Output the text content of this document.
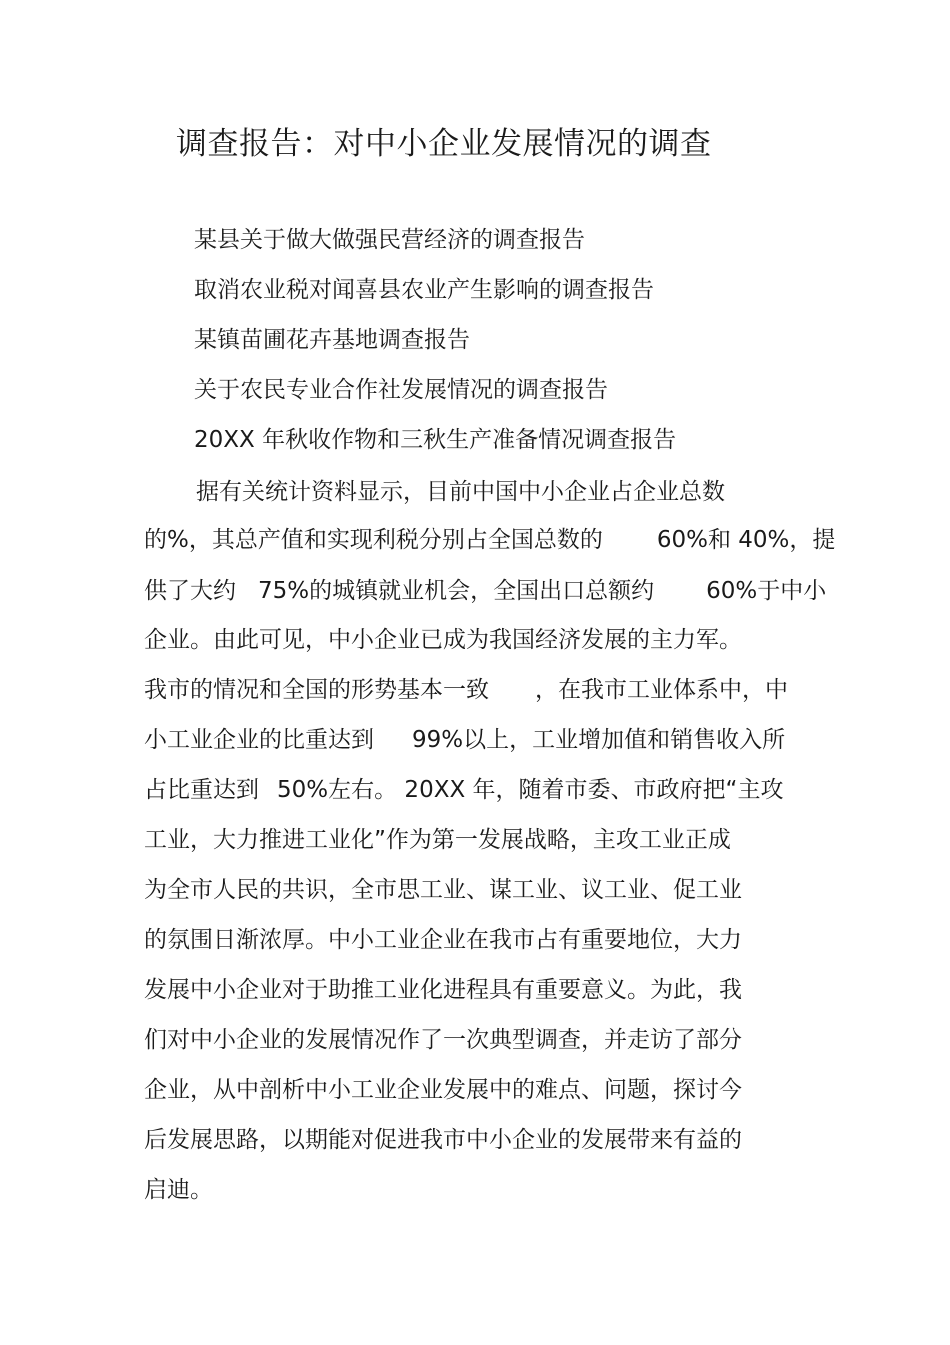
调查报告：对中小企业发展情况的调查
某县关于做大做强民营经济的调查报告
取消农业税对闻喜县农业产生影响的调查报告
某镇苗圃花卉基地调查报告
关于农民专业合作社发展情况的调查报告
20XX 年秋收作物和三秋生产准备情况调查报告
据有关统计资料显示，目前中国中小企业占企业总数
的%，其总产值和实现利税分别占全国总数的 60%和 40%，提
供了大约 75%的城镇就业机会，全国出口总额约 60%于中小
企业。由此可见，中小企业已成为我国经济发展的主力军。
我市的情况和全国的形势基本一致 ，在我市工业体系中，中
小工业企业的比重达到 99%以上，工业增加值和销售收入所
占比重达到 50%左右。 20XX 年，随着市委、市政府把“主攻
工业，大力推进工业化”作为第一发展战略，主攻工业正成
为全市人民的共识，全市思工业、谋工业、议工业、促工业
的氛围日渐浓厚。中小工业企业在我市占有重要地位，大力
发展中小企业对于助推工业化进程具有重要意义。为此，我
们对中小企业的发展情况作了一次典型调查，并走访了部分
企业，从中剖析中小工业企业发展中的难点、问题，探讨今
后发展思路，以期能对促进我市中小企业的发展带来有益的
启迪。
